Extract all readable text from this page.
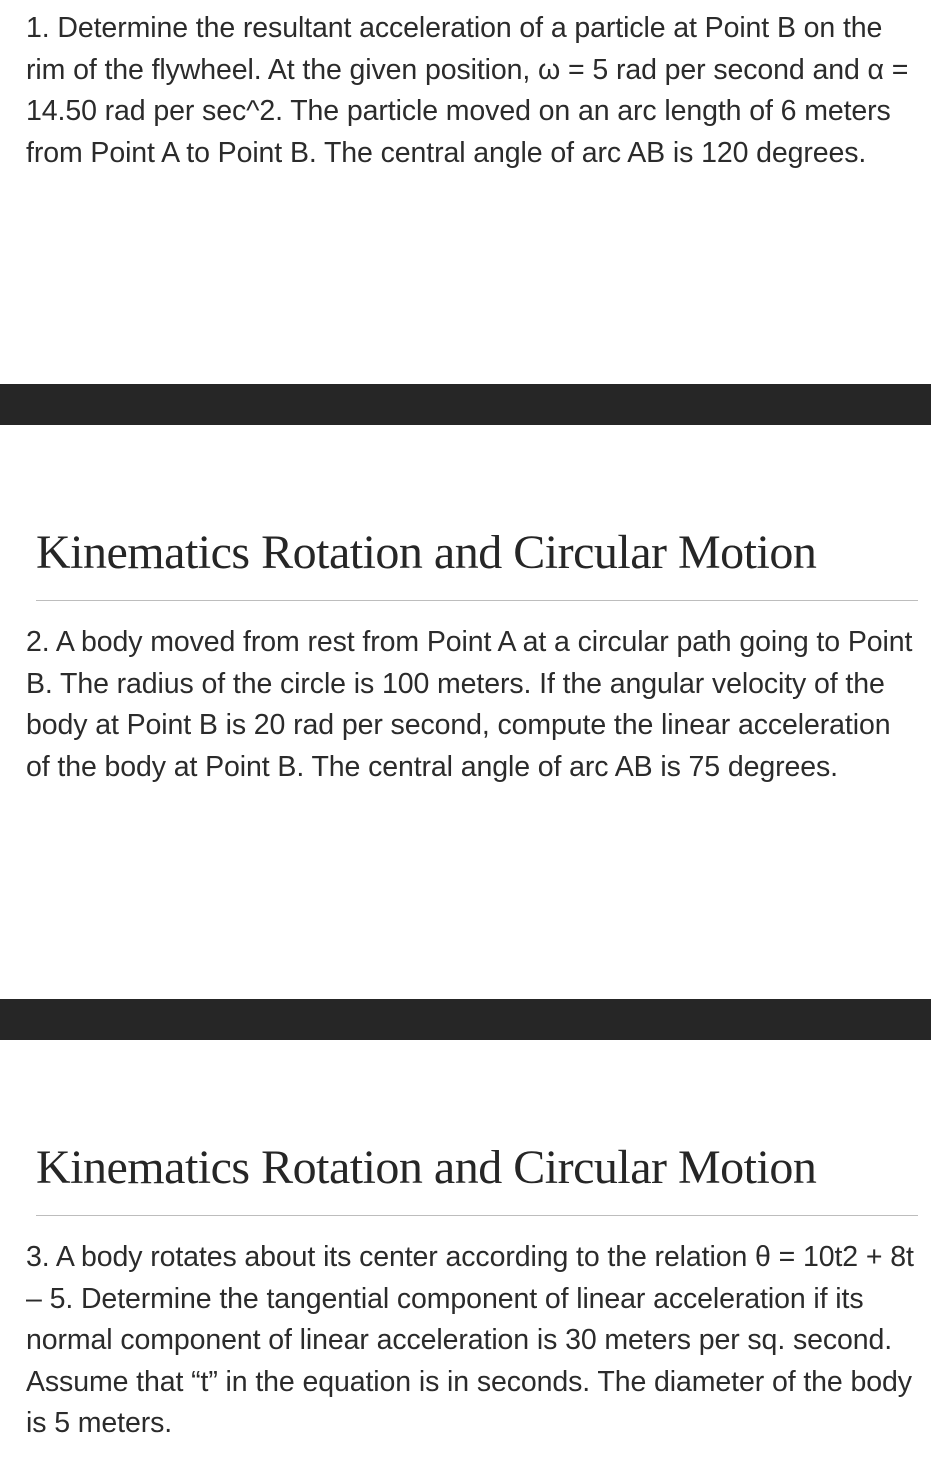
1. Determine the resultant acceleration of a particle at Point B on the rim of the flywheel. At the given position, ω = 5 rad per second and α = 14.50 rad per sec^2. The particle moved on an arc length of 6 meters from Point A to Point B. The central angle of arc AB is 120 degrees.

Kinematics Rotation and Circular Motion

2. A body moved from rest from Point A at a circular path going to Point B. The radius of the circle is 100 meters. If the angular velocity of the body at Point B is 20 rad per second, compute the linear acceleration of the body at Point B. The central angle of arc AB is 75 degrees.

Kinematics Rotation and Circular Motion

3. A body rotates about its center according to the relation θ = 10t2 + 8t – 5. Determine the tangential component of linear acceleration if its normal component of linear acceleration is 30 meters per sq. second. Assume that “t” in the equation is in seconds. The diameter of the body is 5 meters.
